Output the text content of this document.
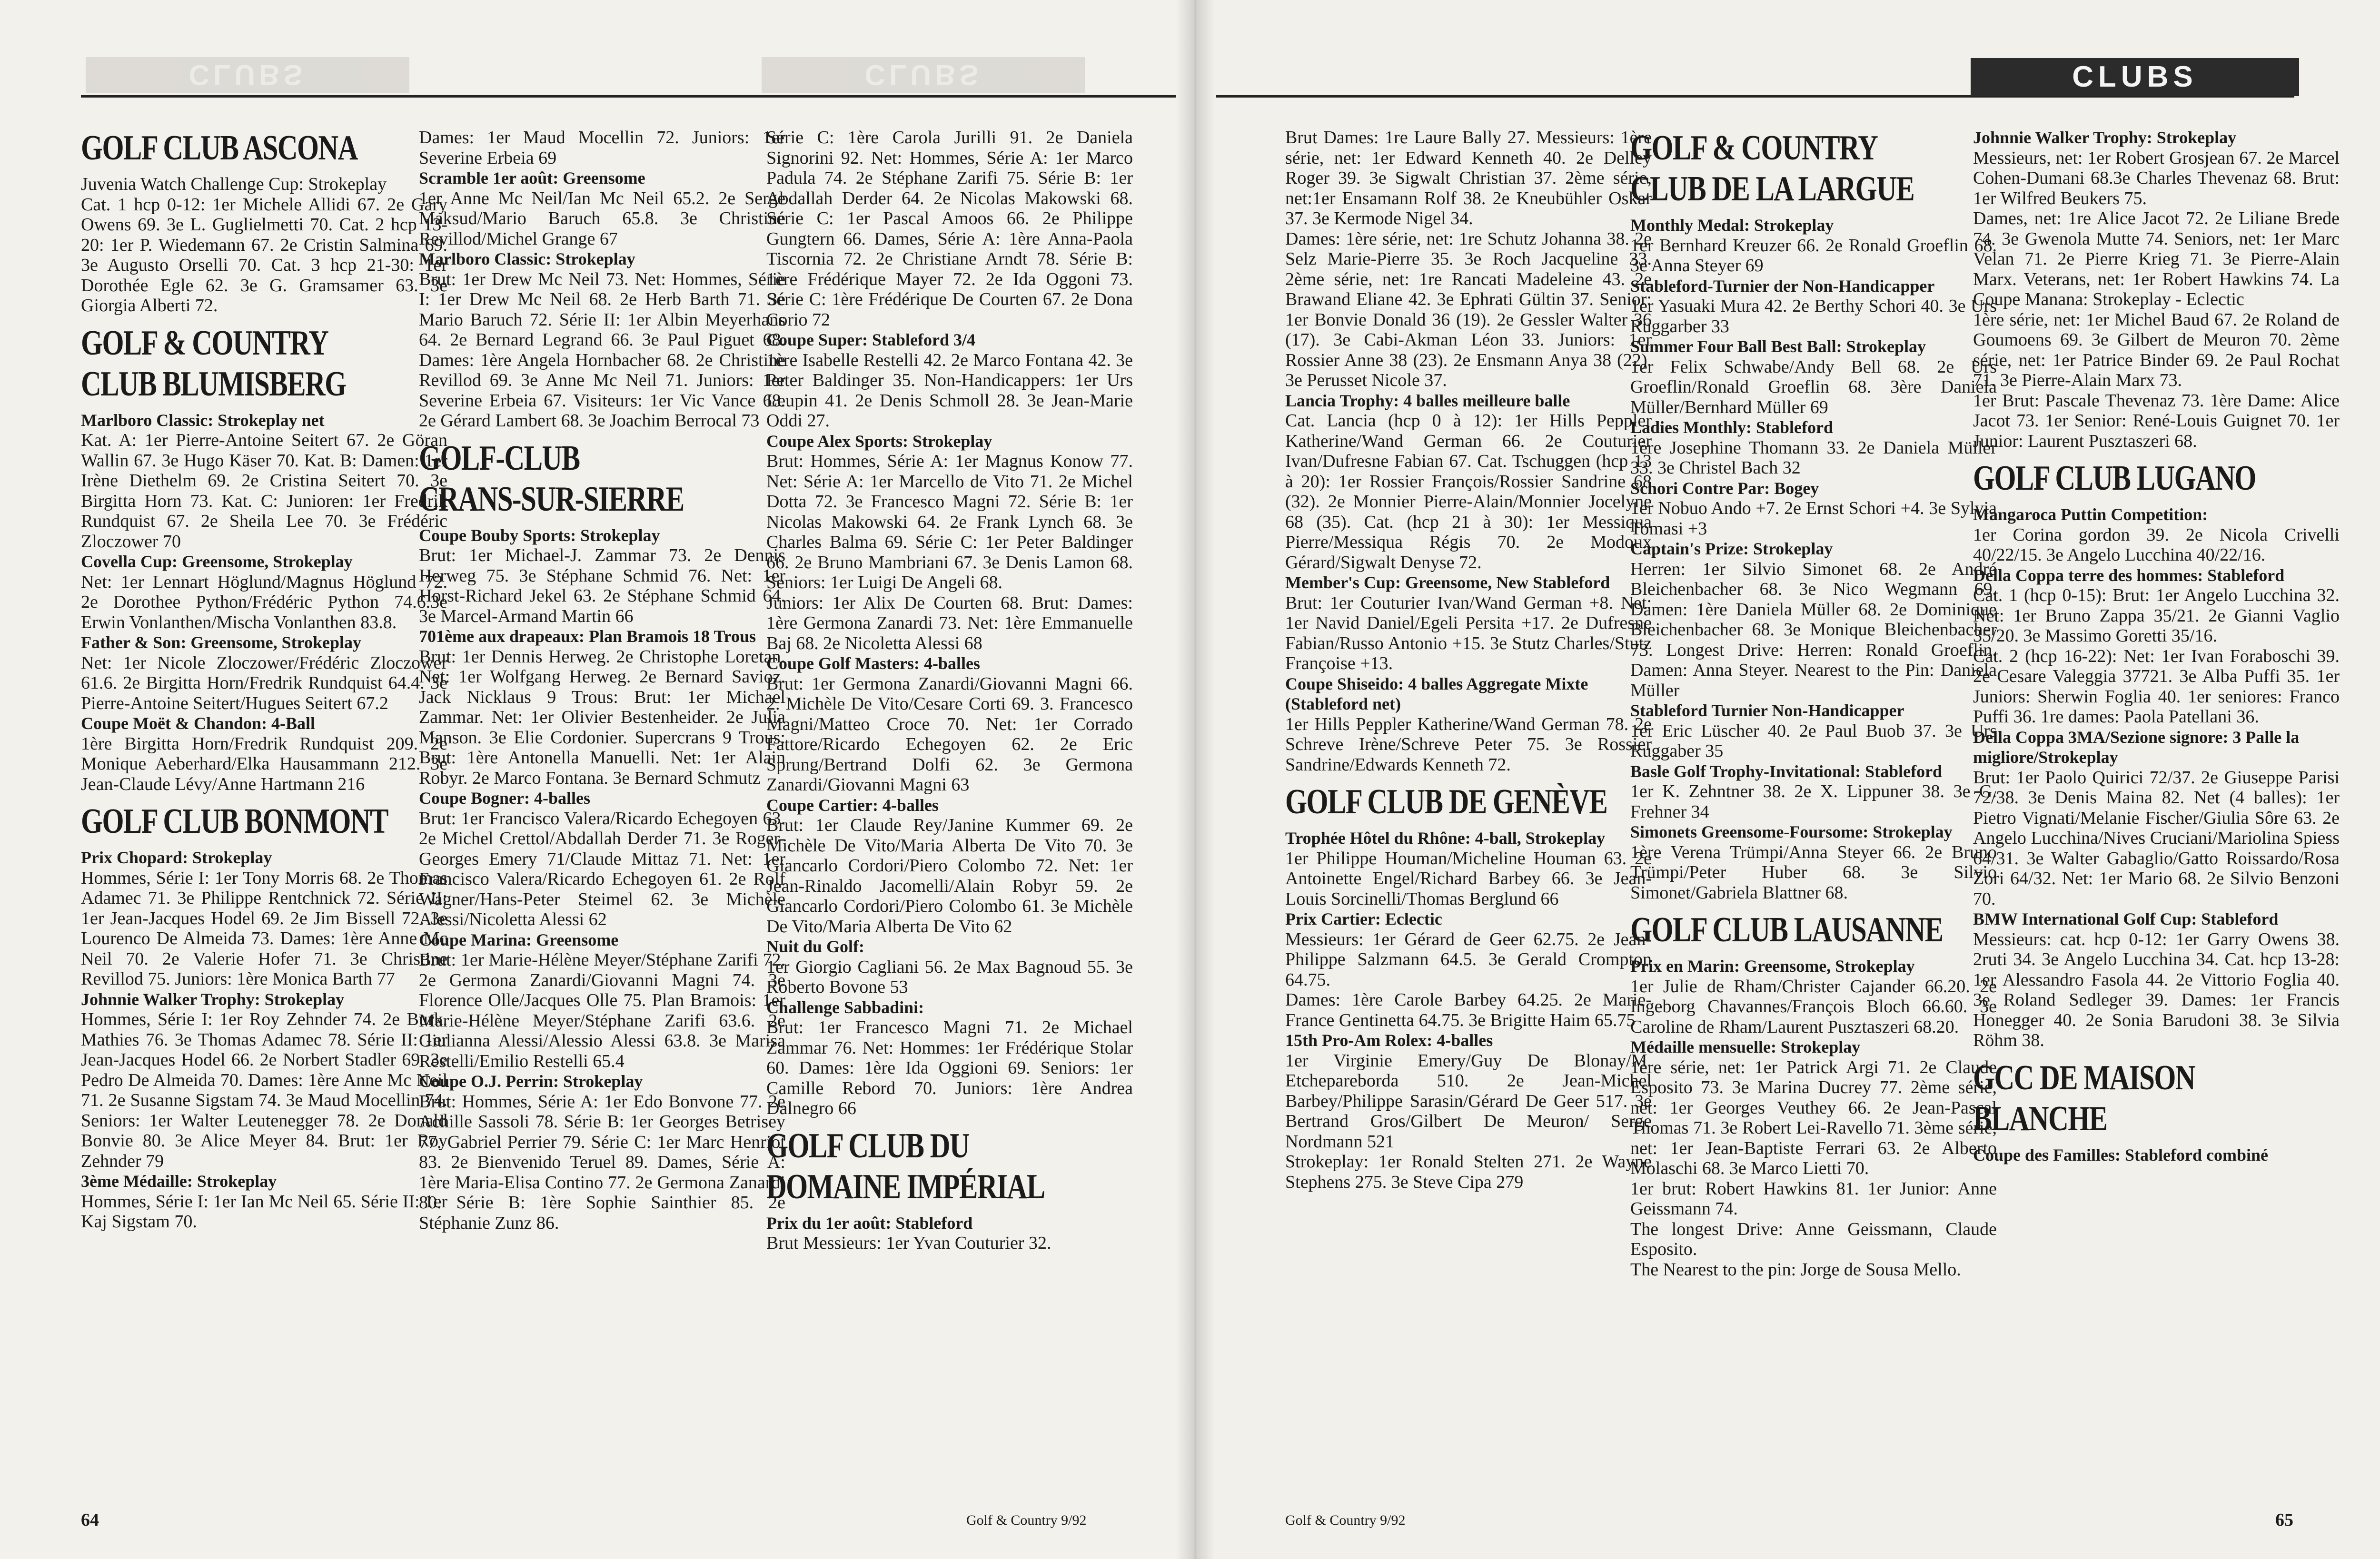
CLUBS	CLUBS	CLUBS
GOLF CLUB ASCONA

Juvenia Watch Challenge Cup: Strokeplay

Cat. 1 hcp 0-12: 1er Michele Allidi 67. 2e Gary Owens 69. 3e L. Guglielmetti 70. Cat. 2 hcp 13-20: 1er P. Wiedemann 67. 2e Cristin Salmina 69. 3e Augusto Orselli 70. Cat. 3 hcp 21-30: 1er Dorothée Egle 62. 3e G. Gramsamer 63. 3e Giorgia Alberti 72.

GOLF & COUNTRY
CLUB BLUMISBERG
Marlboro Classic: Strokeplay net

Kat. A: 1er Pierre-Antoine Seitert 67. 2e Göran Wallin 67. 3e Hugo Käser 70. Kat. B: Damen: 1er Irène Diethelm 69. 2e Cristina Seitert 70. 3e Birgitta Horn 73. Kat. C: Junioren: 1er Fredrik Rundquist 67. 2e Sheila Lee 70. 3e Frédéric Zloczower 70

Covella Cup: Greensome, Strokeplay

Net: 1er Lennart Höglund/Magnus Höglund 72. 2e Dorothee Python/Frédéric Python 74.6.3e Erwin Vonlanthen/Mischa Vonlanthen 83.8.

Father & Son: Greensome, Strokeplay

Net: 1er Nicole Zloczower/Frédéric Zloczower 61.6. 2e Birgitta Horn/Fredrik Rundquist 64.4. 3e Pierre-Antoine Seitert/Hugues Seitert 67.2

Coupe Moët & Chandon: 4-Ball

1ère Birgitta Horn/Fredrik Rundquist 209. 2e Monique Aeberhard/Elka Hausammann 212. 3e Jean-Claude Lévy/Anne Hartmann 216

GOLF CLUB BONMONT
Prix Chopard: Strokeplay

Hommes, Série I: 1er Tony Morris 68. 2e Thomas Adamec 71. 3e Philippe Rentchnick 72. Série II: 1er Jean-Jacques Hodel 69. 2e Jim Bissell 72. 3e Lourenco De Almeida 73. Dames: 1ère Anne Mc Neil 70. 2e Valerie Hofer 71. 3e Christine Revillod 75. Juniors: 1ère Monica Barth 77

Johnnie Walker Trophy: Strokeplay

Hommes, Série I: 1er Roy Zehnder 74. 2e Burk. Mathies 76. 3e Thomas Adamec 78. Série II: 1er Jean-Jacques Hodel 66. 2e Norbert Stadler 69. 3e Pedro De Almeida 70. Dames: 1ère Anne Mc Neil 71. 2e Susanne Sigstam 74. 3e Maud Mocellin 74. Seniors: 1er Walter Leutenegger 78. 2e Donald Bonvie 80. 3e Alice Meyer 84. Brut: 1er Roy Zehnder 79

3ème Médaille: Strokeplay

Hommes, Série I: 1er Ian Mc Neil 65. Série II: 1er Kaj Sigstam 70.

Dames: 1er Maud Mocellin 72. Juniors: 1er Severine Erbeia 69

Scramble 1er août: Greensome

1er Anne Mc Neil/Ian Mc Neil 65.2. 2e Serge Maksud/Mario Baruch 65.8. 3e Christine Revillod/Michel Grange 67

Marlboro Classic: Strokeplay

Brut: 1er Drew Mc Neil 73. Net: Hommes, Série I: 1er Drew Mc Neil 68. 2e Herb Barth 71. 3e Mario Baruch 72. Série II: 1er Albin Meyerhans 64. 2e Bernard Legrand 66. 3e Paul Piguet 68. Dames: 1ère Angela Hornbacher 68. 2e Christine Revillod 69. 3e Anne Mc Neil 71. Juniors: 1er Severine Erbeia 67. Visiteurs: 1er Vic Vance 68. 2e Gérard Lambert 68. 3e Joachim Berrocal 73

GOLF-CLUB
CRANS-SUR-SIERRE
Coupe Bouby Sports: Strokeplay

Brut: 1er Michael-J. Zammar 73. 2e Dennis Herweg 75. 3e Stéphane Schmid 76. Net: 1er Horst-Richard Jekel 63. 2e Stéphane Schmid 64. 3e Marcel-Armand Martin 66

701ème aux drapeaux: Plan Bramois 18 Trous

Brut: 1er Dennis Herweg. 2e Christophe Loretan. Net: 1er Wolfgang Herweg. 2e Bernard Savioz. Jack Nicklaus 9 Trous: Brut: 1er Michael Zammar. Net: 1er Olivier Bestenheider. 2e Julia Manson. 3e Elie Cordonier. Supercrans 9 Trous: Brut: 1ère Antonella Manuelli. Net: 1er Alain Robyr. 2e Marco Fontana. 3e Bernard Schmutz

Coupe Bogner: 4-balles

Brut: 1er Francisco Valera/Ricardo Echegoyen 63. 2e Michel Crettol/Abdallah Derder 71. 3e Roger-Georges Emery 71/Claude Mittaz 71. Net: 1er Francisco Valera/Ricardo Echegoyen 61. 2e Rolf Wagner/Hans-Peter Steimel 62. 3e Michèle Alessi/Nicoletta Alessi 62

Coupe Marina: Greensome

Brut: 1er Marie-Hélène Meyer/Stéphane Zarifi 72. 2e Germona Zanardi/Giovanni Magni 74. 3e Florence Olle/Jacques Olle 75. Plan Bramois: 1er Marie-Hélène Meyer/Stéphane Zarifi 63.6. 2e Giulianna Alessi/Alessio Alessi 63.8. 3e Marisa Restelli/Emilio Restelli 65.4

Coupe O.J. Perrin: Strokeplay

Brut: Hommes, Série A: 1er Edo Bonvone 77. 2e Achille Sassoli 78. Série B: 1er Georges Betrisey 77. Gabriel Perrier 79. Série C: 1er Marc Henriot 83. 2e Bienvenido Teruel 89. Dames, Série A: 1ère Maria-Elisa Contino 77. 2e Germona Zanardi 80. Série B: 1ère Sophie Sainthier 85. 2e Stéphanie Zunz 86.

Série C: 1ère Carola Jurilli 91. 2e Daniela Signorini 92. Net: Hommes, Série A: 1er Marco Padula 74. 2e Stéphane Zarifi 75. Série B: 1er Abdallah Derder 64. 2e Nicolas Makowski 68. Série C: 1er Pascal Amoos 66. 2e Philippe Gungtern 66. Dames, Série A: 1ère Anna-Paola Tiscornia 72. 2e Christiane Arndt 78. Série B: 1ère Frédérique Mayer 72. 2e Ida Oggoni 73. Série C: 1ère Frédérique De Courten 67. 2e Dona Corio 72

Coupe Super: Stableford 3/4

1ère Isabelle Restelli 42. 2e Marco Fontana 42. 3e Peter Baldinger 35. Non-Handicappers: 1er Urs Leupin 41. 2e Denis Schmoll 28. 3e Jean-Marie Oddi 27.

Coupe Alex Sports: Strokeplay

Brut: Hommes, Série A: 1er Magnus Konow 77. Net: Série A: 1er Marcello de Vito 71. 2e Michel Dotta 72. 3e Francesco Magni 72. Série B: 1er Nicolas Makowski 64. 2e Frank Lynch 68. 3e Charles Balma 69. Série C: 1er Peter Baldinger 66. 2e Bruno Mambriani 67. 3e Denis Lamon 68. Seniors: 1er Luigi De Angeli 68.

Juniors: 1er Alix De Courten 68. Brut: Dames: 1ère Germona Zanardi 73. Net: 1ère Emmanuelle Baj 68. 2e Nicoletta Alessi 68

Coupe Golf Masters: 4-balles

Brut: 1er Germona Zanardi/Giovanni Magni 66. 2. Michèle De Vito/Cesare Corti 69. 3. Francesco Magni/Matteo Croce 70. Net: 1er Corrado Fattore/Ricardo Echegoyen 62. 2e Eric Sprung/Bertrand Dolfi 62. 3e Germona Zanardi/Giovanni Magni 63

Coupe Cartier: 4-balles

Brut: 1er Claude Rey/Janine Kummer 69. 2e Michèle De Vito/Maria Alberta De Vito 70. 3e Giancarlo Cordori/Piero Colombo 72. Net: 1er Jean-Rinaldo Jacomelli/Alain Robyr 59. 2e Giancarlo Cordori/Piero Colombo 61. 3e Michèle De Vito/Maria Alberta De Vito 62

Nuit du Golf:

1er Giorgio Cagliani 56. 2e Max Bagnoud 55. 3e Roberto Bovone 53

Challenge Sabbadini:

Brut: 1er Francesco Magni 71. 2e Michael Zammar 76. Net: Hommes: 1er Frédérique Stolar 60. Dames: 1ère Ida Oggioni 69. Seniors: 1er Camille Rebord 70. Juniors: 1ère Andrea Dalnegro 66

GOLF CLUB DU
DOMAINE IMPÉRIAL
Prix du 1er août: Stableford

Brut Messieurs: 1er Yvan Couturier 32.

Brut Dames: 1re Laure Bally 27. Messieurs: 1ère série, net: 1er Edward Kenneth 40. 2e Delley Roger 39. 3e Sigwalt Christian 37. 2ème série, net:1er Ensamann Rolf 38. 2e Kneubühler Oskar 37. 3e Kermode Nigel 34.

Dames: 1ère série, net: 1re Schutz Johanna 38. 2e Selz Marie-Pierre 35. 3e Roch Jacqueline 33. 2ème série, net: 1re Rancati Madeleine 43. 2e Brawand Eliane 42. 3e Ephrati Gültin 37. Senior: 1er Bonvie Donald 36 (19). 2e Gessler Walter 36 (17). 3e Cabi-Akman Léon 33. Juniors: 1er Rossier Anne 38 (23). 2e Ensmann Anya 38 (22). 3e Perusset Nicole 37.

Lancia Trophy: 4 balles meilleure balle

Cat. Lancia (hcp 0 à 12): 1er Hills Peppler Katherine/Wand German 66. 2e Couturier Ivan/Dufresne Fabian 67. Cat. Tschuggen (hcp 13 à 20): 1er Rossier François/Rossier Sandrine 68 (32). 2e Monnier Pierre-Alain/Monnier Jocelyne 68 (35). Cat. (hcp 21 à 30): 1er Messiqua Pierre/Messiqua Régis 70. 2e Modoux Gérard/Sigwalt Denyse 72.

Member's Cup: Greensome, New Stableford

Brut: 1er Couturier Ivan/Wand German +8. Net: 1er Navid Daniel/Egeli Persita +17. 2e Dufresne Fabian/Russo Antonio +15. 3e Stutz Charles/Stutz Françoise +13.

Coupe Shiseido: 4 balles Aggregate Mixte (Stableford net)

1er Hills Peppler Katherine/Wand German 78. 2e Schreve Irène/Schreve Peter 75. 3e Rossier Sandrine/Edwards Kenneth 72.

GOLF CLUB DE GENÈVE
Trophée Hôtel du Rhône: 4-ball, Strokeplay

1er Philippe Houman/Micheline Houman 63. 2e Antoinette Engel/Richard Barbey 66. 3e Jean-Louis Sorcinelli/Thomas Berglund 66

Prix Cartier: Eclectic

Messieurs: 1er Gérard de Geer 62.75. 2e Jean-Philippe Salzmann 64.5. 3e Gerald Crompton 64.75.

Dames: 1ère Carole Barbey 64.25. 2e Marie-France Gentinetta 64.75. 3e Brigitte Haim 65.75

15th Pro-Am Rolex: 4-balles

1er Virginie Emery/Guy De Blonay/M. Etchepareborda 510. 2e Jean-Michel Barbey/Philippe Sarasin/Gérard De Geer 517. 3e Bertrand Gros/Gilbert De Meuron/ Serge Nordmann 521

Strokeplay: 1er Ronald Stelten 271. 2e Wayne Stephens 275. 3e Steve Cipa 279

GOLF & COUNTRY
CLUB DE LA LARGUE
Monthly Medal: Strokeplay

1er Bernhard Kreuzer 66. 2e Ronald Groeflin 68. 3e Anna Steyer 69

Stableford-Turnier der Non-Handicapper

1er Yasuaki Mura 42. 2e Berthy Schori 40. 3e Urs Ruggarber 33

Summer Four Ball Best Ball: Strokeplay

1er Felix Schwabe/Andy Bell 68. 2e Urs Groeflin/Ronald Groeflin 68. 3ère Daniela Müller/Bernhard Müller 69

Ladies Monthly: Stableford

1ère Josephine Thomann 33. 2e Daniela Müller 33. 3e Christel Bach 32

Schori Contre Par: Bogey

1er Nobuo Ando +7. 2e Ernst Schori +4. 3e Sylvia Tomasi +3

Captain's Prize: Strokeplay

Herren: 1er Silvio Simonet 68. 2e André Bleichenbacher 68. 3e Nico Wegmann 69. Damen: 1ère Daniela Müller 68. 2e Dominique Bleichenbacher 68. 3e Monique Bleichenbacher 73. Longest Drive: Herren: Ronald Groeflin. Damen: Anna Steyer. Nearest to the Pin: Daniela Müller

Stableford Turnier Non-Handicapper

1er Eric Lüscher 40. 2e Paul Buob 37. 3e Urs Ruggaber 35

Basle Golf Trophy-Invitational: Stableford

1er K. Zehntner 38. 2e X. Lippuner 38. 3e G. Frehner 34

Simonets Greensome-Foursome: Strokeplay

1ère Verena Trümpi/Anna Steyer 66. 2e Bruno Trümpi/Peter Huber 68. 3e Silvio Simonet/Gabriela Blattner 68.

GOLF CLUB LAUSANNE
Prix en Marin: Greensome, Strokeplay

1er Julie de Rham/Christer Cajander 66.20. 2e Ingeborg Chavannes/François Bloch 66.60. 3e Caroline de Rham/Laurent Pusztaszeri 68.20.

Médaille mensuelle: Strokeplay

1ère série, net: 1er Patrick Argi 71. 2e Claude Esposito 73. 3e Marina Ducrey 77. 2ème série, net: 1er Georges Veuthey 66. 2e Jean-Pascal Thomas 71. 3e Robert Lei-Ravello 71. 3ème série, net: 1er Jean-Baptiste Ferrari 63. 2e Alberto Molaschi 68. 3e Marco Lietti 70.

1er brut: Robert Hawkins 81. 1er Junior: Anne Geissmann 74.

The longest Drive: Anne Geissmann, Claude Esposito.

The Nearest to the pin: Jorge de Sousa Mello.

Johnnie Walker Trophy: Strokeplay

Messieurs, net: 1er Robert Grosjean 67. 2e Marcel Cohen-Dumani 68.3e Charles Thevenaz 68. Brut: 1er Wilfred Beukers 75.

Dames, net: 1re Alice Jacot 72. 2e Liliane Brede 74. 3e Gwenola Mutte 74. Seniors, net: 1er Marc Velan 71. 2e Pierre Krieg 71. 3e Pierre-Alain Marx. Veterans, net: 1er Robert Hawkins 74. La Coupe Manana: Strokeplay - Eclectic

1ère série, net: 1er Michel Baud 67. 2e Roland de Goumoens 69. 3e Gilbert de Meuron 70. 2ème série, net: 1er Patrice Binder 69. 2e Paul Rochat 71. 3e Pierre-Alain Marx 73.

1er Brut: Pascale Thevenaz 73. 1ère Dame: Alice Jacot 73. 1er Senior: René-Louis Guignet 70. 1er Junior: Laurent Pusztaszeri 68.

GOLF CLUB LUGANO
Mangaroca Puttin Competition:

1er Corina gordon 39. 2e Nicola Crivelli 40/22/15. 3e Angelo Lucchina 40/22/16.

Della Coppa terre des hommes: Stableford

Cat. 1 (hcp 0-15): Brut: 1er Angelo Lucchina 32. Net: 1er Bruno Zappa 35/21. 2e Gianni Vaglio 35/20. 3e Massimo Goretti 35/16.

Cat. 2 (hcp 16-22): Net: 1er Ivan Foraboschi 39. 2e Cesare Valeggia 37721. 3e Alba Puffi 35. 1er Juniors: Sherwin Foglia 40. 1er seniores: Franco Puffi 36. 1re dames: Paola Patellani 36.

Della Coppa 3MA/Sezione signore: 3 Palle la migliore/Strokeplay

Brut: 1er Paolo Quirici 72/37. 2e Giuseppe Parisi 72/38. 3e Denis Maina 82. Net (4 balles): 1er Pietro Vignati/Melanie Fischer/Giulia Sôre 63. 2e Angelo Lucchina/Nives Cruciani/Mariolina Spiess 64/31. 3e Walter Gabaglio/Gatto Roissardo/Rosa Zori 64/32. Net: 1er Mario 68. 2e Silvio Benzoni 70.

BMW International Golf Cup: Stableford

Messieurs: cat. hcp 0-12: 1er Garry Owens 38. 2ruti 34. 3e Angelo Lucchina 34. Cat. hcp 13-28: 1er Alessandro Fasola 44. 2e Vittorio Foglia 40. 3e Roland Sedleger 39. Dames: 1er Francis Honegger 40. 2e Sonia Barudoni 38. 3e Silvia Röhm 38.

GCC DE MAISON
BLANCHE
Coupe des Familles: Stableford combiné
64	Golf & Country 9/92	Golf & Country 9/92	65
